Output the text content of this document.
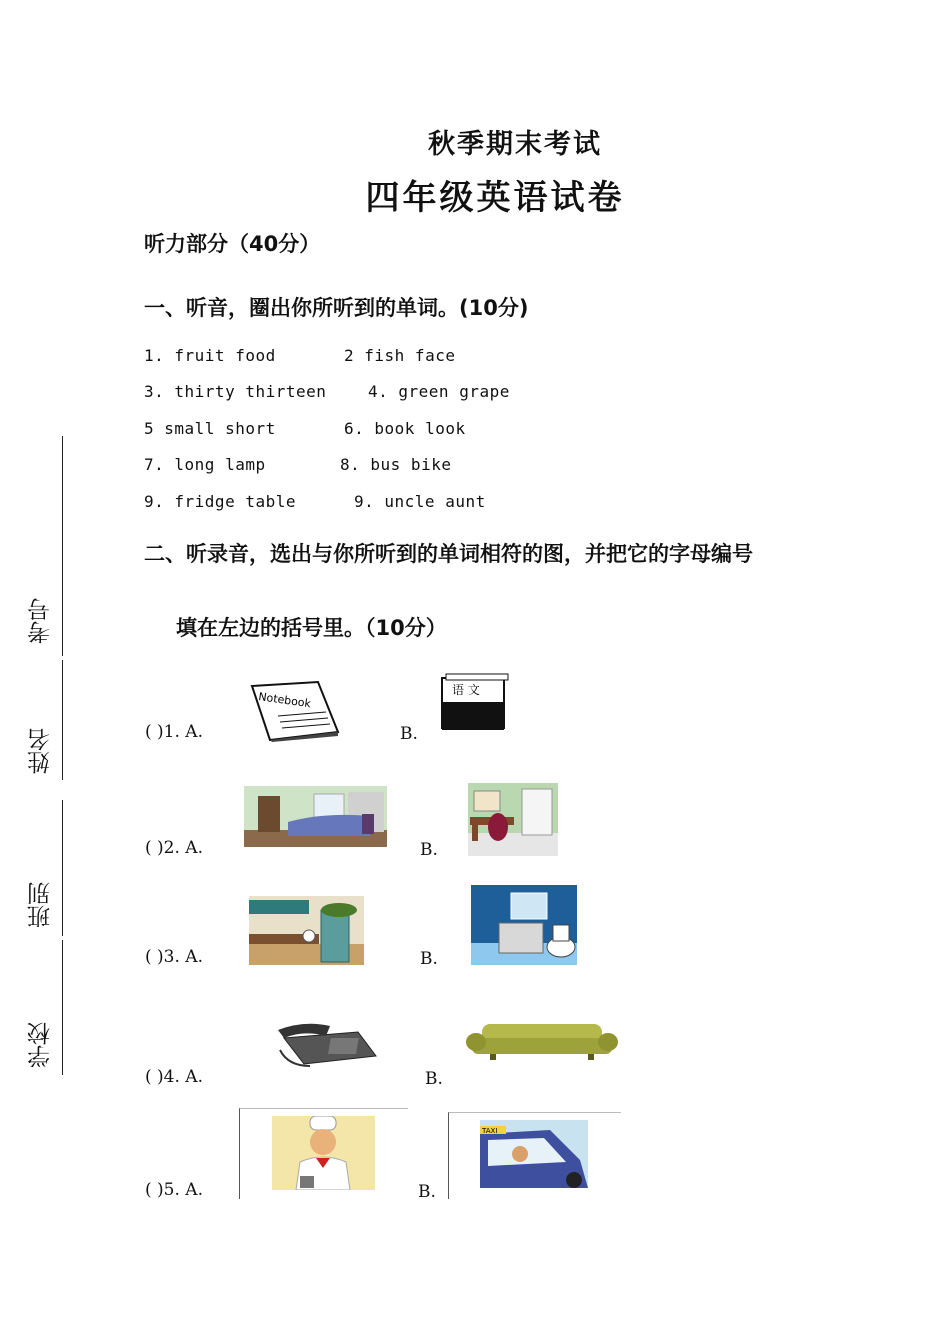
考号
姓名
班别
学校
秋季期末考试
四年级英语试卷
听力部分（40分）
一、听音，圈出你所听到的单词。(10分)
1. fruit food	2 fish face
3. thirty thirteen	4. green grape
5 small short	6. book look
7. long lamp	8. bus bike
9. fridge table	9. uncle aunt
二、听录音，选出与你所听到的单词相符的图，并把它的字母编号
填在左边的括号里。（10分）
( )1. A.	B.
Notebook
语 文
( )2. A.	B.
( )3. A.	B.
( )4. A.	B.
( )5. A.	B.
TAXI
